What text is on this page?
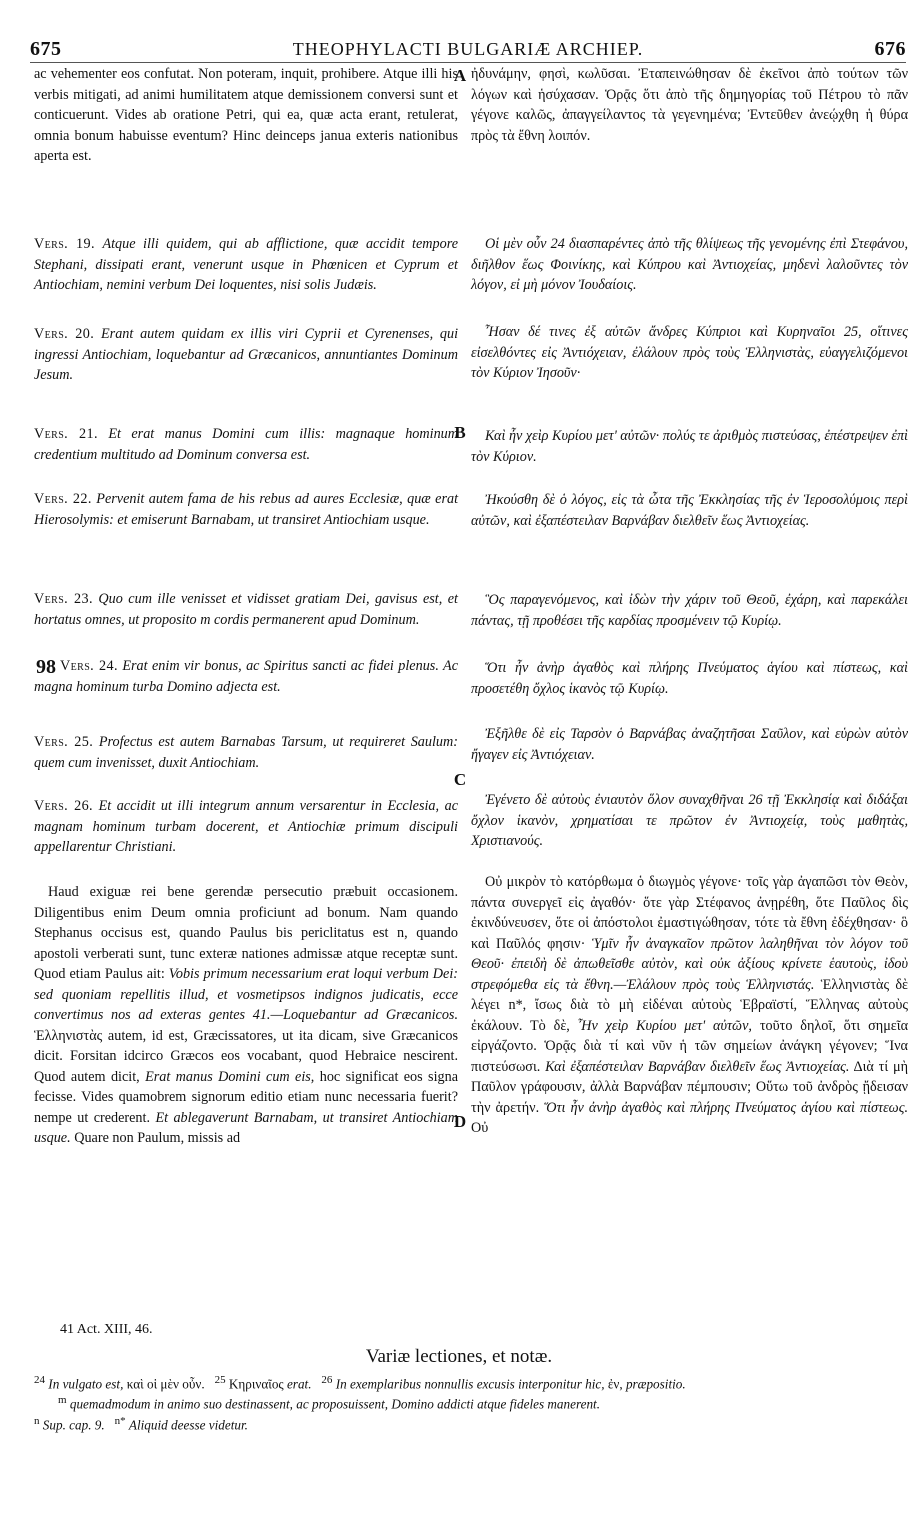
675	THEOPHYLACTI BULGARIÆ ARCHIEP.	676
A
B
C
D
98

ac vehementer eos confutat. Non poteram, inquit, prohibere. Atque illi his verbis mitigati, ad animi humilitatem atque demissionem conversi sunt et conticuerunt. Vides ab oratione Petri, qui ea, quæ acta erant, retulerat, omnia bonum habuisse eventum? Hinc deinceps janua exteris nationibus aperta est.

Vers. 19. Atque illi quidem, qui ab afflictione, quæ accidit tempore Stephani, dissipati erant, venerunt usque in Phœnicen et Cyprum et Antiochiam, nemini verbum Dei loquentes, nisi solis Judæis.

Vers. 20. Erant autem quidam ex illis viri Cyprii et Cyrenenses, qui ingressi Antiochiam, loquebantur ad Græcanicos, annuntiantes Dominum Jesum.

Vers. 21. Et erat manus Domini cum illis: magnaque hominum credentium multitudo ad Dominum conversa est.

Vers. 22. Pervenit autem fama de his rebus ad aures Ecclesiæ, quæ erat Hierosolymis: et emiserunt Barnabam, ut transiret Antiochiam usque.

Vers. 23. Quo cum ille venisset et vidisset gratiam Dei, gavisus est, et hortatus omnes, ut proposito m cordis permanerent apud Dominum.

Vers. 24. Erat enim vir bonus, ac Spiritus sancti ac fidei plenus. Ac magna hominum turba Domino adjecta est.

Vers. 25. Profectus est autem Barnabas Tarsum, ut requireret Saulum: quem cum invenisset, duxit Antiochiam.

Vers. 26. Et accidit ut illi integrum annum versarentur in Ecclesia, ac magnam hominum turbam docerent, et Antiochiæ primum discipuli appellarentur Christiani.

Haud exiguæ rei bene gerendæ persecutio præbuit occasionem. Diligentibus enim Deum omnia proficiunt ad bonum. Nam quando Stephanus occisus est, quando Paulus bis periclitatus est n, quando apostoli verberati sunt, tunc exteræ nationes admissæ atque receptæ sunt. Quod etiam Paulus ait: Vobis primum necessarium erat loqui verbum Dei: sed quoniam repellitis illud, et vosmetipsos indignos judicatis, ecce convertimus nos ad exteras gentes 41.—Loquebantur ad Græcanicos. Ἑλληνιστὰς autem, id est, Græcissatores, ut ita dicam, sive Græcanicos dicit. Forsitan idcirco Græcos eos vocabant, quod Hebraice nescirent. Quod autem dicit, Erat manus Domini cum eis, hoc significat eos signa fecisse. Vides quamobrem signorum editio etiam nunc necessaria fuerit? nempe ut crederent. Et ablegaverunt Barnabam, ut transiret Antiochiam usque. Quare non Paulum, missis ad

41 Act. XIII, 46.

ἠδυνάμην, φησὶ, κωλῦσαι. Ἐταπεινώθησαν δὲ ἐκεῖνοι ἀπὸ τούτων τῶν λόγων καὶ ἡσύχασαν. Ὁρᾷς ὅτι ἀπὸ τῆς δημηγορίας τοῦ Πέτρου τὸ πᾶν γέγονε καλῶς, ἀπαγγείλαντος τὰ γεγενημένα; Ἐντεῦθεν ἀνεῴχθη ἡ θύρα πρὸς τὰ ἔθνη λοιπόν.

Οἱ μὲν οὖν 24 διασπαρέντες ἀπὸ τῆς θλίψεως τῆς γενομένης ἐπὶ Στεφάνου, διῆλθον ἕως Φοινίκης, καὶ Κύπρου καὶ Ἀντιοχείας, μηδενὶ λαλοῦντες τὸν λόγον, εἰ μὴ μόνον Ἰουδαίοις.

Ἦσαν δέ τινες ἐξ αὐτῶν ἄνδρες Κύπριοι καὶ Κυρηναῖοι 25, οἵτινες εἰσελθόντες εἰς Ἀντιόχειαν, ἐλάλουν πρὸς τοὺς Ἑλληνιστὰς, εὐαγγελιζόμενοι τὸν Κύριον Ἰησοῦν·

Καὶ ἦν χεὶρ Κυρίου μετ' αὐτῶν· πολύς τε ἀριθμὸς πιστεύσας, ἐπέστρεψεν ἐπὶ τὸν Κύριον.

Ἠκούσθη δὲ ὁ λόγος, εἰς τὰ ὦτα τῆς Ἐκκλησίας τῆς ἐν Ἱεροσολύμοις περὶ αὐτῶν, καὶ ἐξαπέστειλαν Βαρνάβαν διελθεῖν ἕως Ἀντιοχείας.

Ὃς παραγενόμενος, καὶ ἰδὼν τὴν χάριν τοῦ Θεοῦ, ἐχάρη, καὶ παρεκάλει πάντας, τῇ προθέσει τῆς καρδίας προσμένειν τῷ Κυρίῳ.

Ὅτι ἦν ἀνὴρ ἀγαθὸς καὶ πλήρης Πνεύματος ἁγίου καὶ πίστεως, καὶ προσετέθη ὄχλος ἱκανὸς τῷ Κυρίῳ.

Ἐξῆλθε δὲ εἰς Ταρσὸν ὁ Βαρνάβας ἀναζητῆσαι Σαῦλον, καὶ εὑρὼν αὐτὸν ἤγαγεν εἰς Ἀντιόχειαν.

Ἐγένετο δὲ αὐτοὺς ἐνιαυτὸν ὅλον συναχθῆναι 26 τῇ Ἐκκλησίᾳ καὶ διδάξαι ὄχλον ἱκανὸν, χρηματίσαι τε πρῶτον ἐν Ἀντιοχείᾳ, τοὺς μαθητὰς, Χριστιανούς.

Οὐ μικρὸν τὸ κατόρθωμα ὁ διωγμὸς γέγονε· τοῖς γὰρ ἀγαπῶσι τὸν Θεὸν, πάντα συνεργεῖ εἰς ἀγαθόν· ὅτε γὰρ Στέφανος ἀνῃρέθη, ὅτε Παῦλος δὶς ἐκινδύνευσεν, ὅτε οἱ ἀπόστολοι ἐμαστιγώθησαν, τότε τὰ ἔθνη ἐδέχθησαν· ὃ καὶ Παῦλός φησιν· Ὑμῖν ἦν ἀναγκαῖον πρῶτον λαληθῆναι τὸν λόγον τοῦ Θεοῦ· ἐπειδὴ δὲ ἀπωθεῖσθε αὐτὸν, καὶ οὐκ ἀξίους κρίνετε ἑαυτοὺς, ἰδοὺ στρεφόμεθα εἰς τὰ ἔθνη.—Ἐλάλουν πρὸς τοὺς Ἑλληνιστάς. Ἑλληνιστὰς δὲ λέγει n*, ἴσως διὰ τὸ μὴ εἰδέναι αὐτοὺς Ἑβραϊστί, Ἕλληνας αὐτοὺς ἐκάλουν. Τὸ δὲ, Ἦν χεὶρ Κυρίου μετ' αὐτῶν, τοῦτο δηλοῖ, ὅτι σημεῖα εἰργάζοντο. Ὁρᾷς διὰ τί καὶ νῦν ἡ τῶν σημείων ἀνάγκη γέγονεν; Ἵνα πιστεύσωσι. Καὶ ἐξαπέστειλαν Βαρνάβαν διελθεῖν ἕως Ἀντιοχείας. Διὰ τί μὴ Παῦλον γράφουσιν, ἀλλὰ Βαρνάβαν πέμπουσιν; Οὕτω τοῦ ἀνδρὸς ᾔδεισαν τὴν ἀρετήν. Ὅτι ἦν ἀνὴρ ἀγαθὸς καὶ πλήρης Πνεύματος ἁγίου καὶ πίστεως. Οὐ

Variæ lectiones, et notæ.

$^{24}$ In vulgato est, καὶ οἱ μὲν οὖν. $^{25}$ Κηριναῖος erat. $^{26}$ In exemplaribus nonnullis excusis interponitur hic, ἐν, præpositio.

$^m$ quemadmodum in animo suo destinassent, ac proposuissent, Domino addicti atque fideles manerent.

$^n$ Sup. cap. 9. $^{n*}$ Aliquid deesse videtur.
